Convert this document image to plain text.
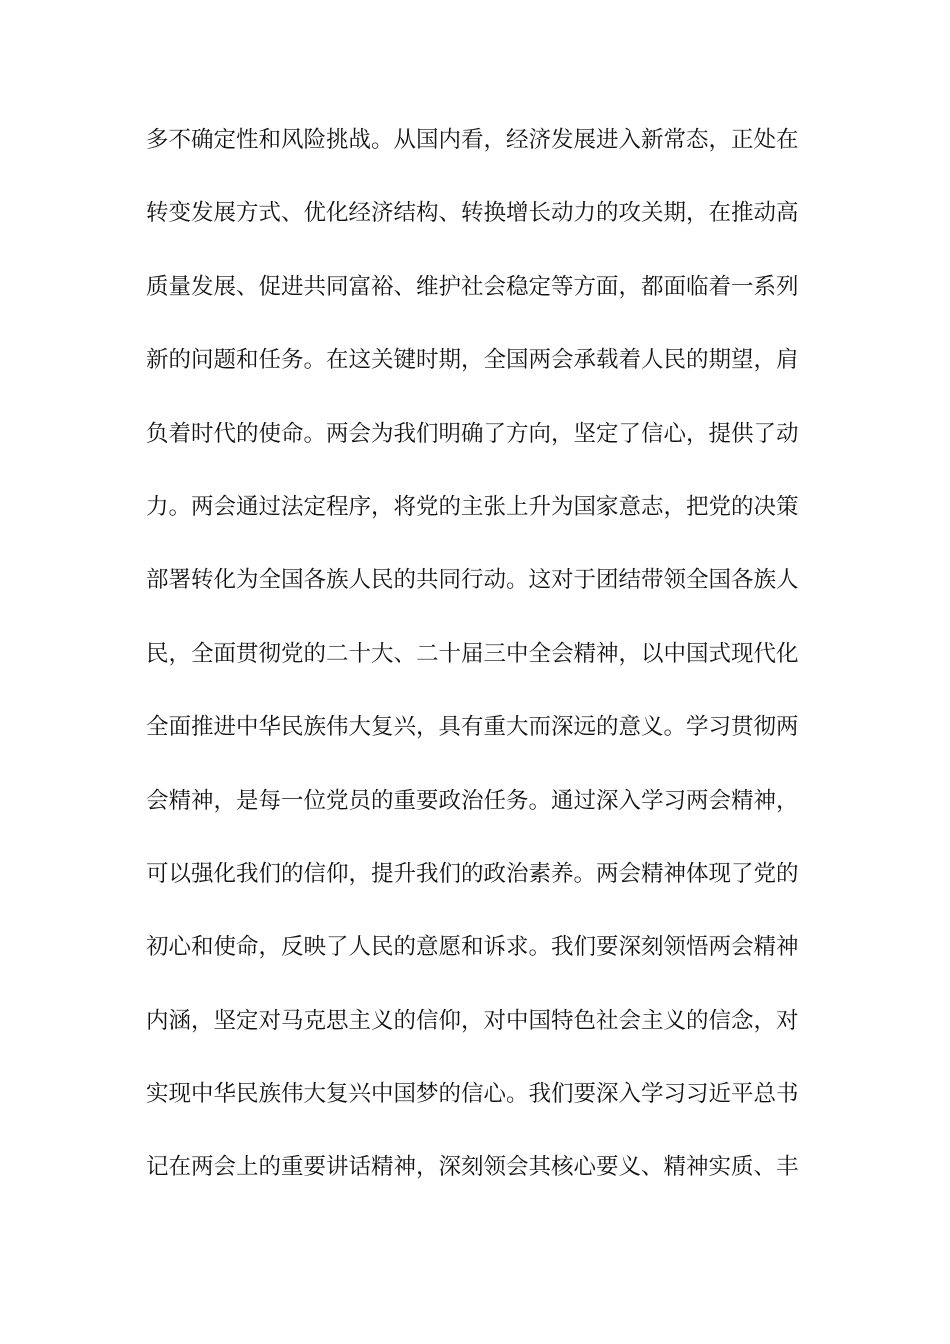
多不确定性和风险挑战。从国内看，经济发展进入新常态，正处在
转变发展方式、优化经济结构、转换增长动力的攻关期，在推动高
质量发展、促进共同富裕、维护社会稳定等方面，都面临着一系列
新的问题和任务。在这关键时期，全国两会承载着人民的期望，肩
负着时代的使命。两会为我们明确了方向，坚定了信心，提供了动
力。两会通过法定程序，将党的主张上升为国家意志，把党的决策
部署转化为全国各族人民的共同行动。这对于团结带领全国各族人
民，全面贯彻党的二十大、二十届三中全会精神，以中国式现代化
全面推进中华民族伟大复兴，具有重大而深远的意义。学习贯彻两
会精神，是每一位党员的重要政治任务。通过深入学习两会精神，
可以强化我们的信仰，提升我们的政治素养。两会精神体现了党的
初心和使命，反映了人民的意愿和诉求。我们要深刻领悟两会精神
内涵，坚定对马克思主义的信仰，对中国特色社会主义的信念，对
实现中华民族伟大复兴中国梦的信心。我们要深入学习习近平总书
记在两会上的重要讲话精神，深刻领会其核心要义、精神实质、丰
